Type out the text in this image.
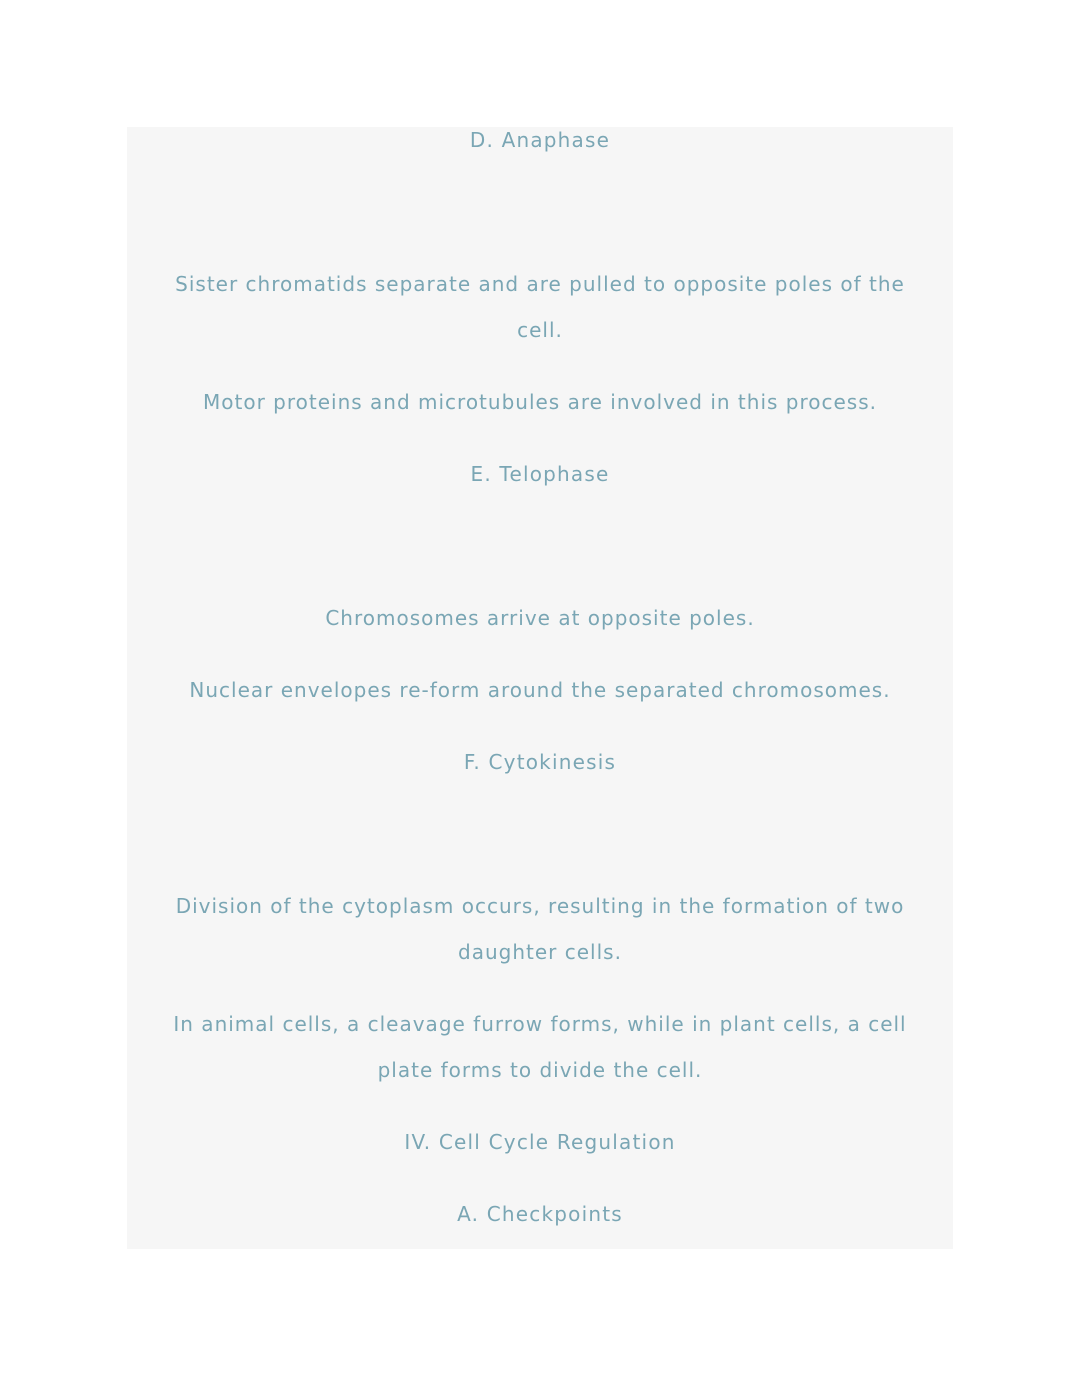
D. Anaphase
Sister chromatids separate and are pulled to opposite poles of the
cell.
Motor proteins and microtubules are involved in this process.
E. Telophase
Chromosomes arrive at opposite poles.
Nuclear envelopes re-form around the separated chromosomes.
F. Cytokinesis
Division of the cytoplasm occurs, resulting in the formation of two
daughter cells.
In animal cells, a cleavage furrow forms, while in plant cells, a cell
plate forms to divide the cell.
IV. Cell Cycle Regulation
A. Checkpoints
